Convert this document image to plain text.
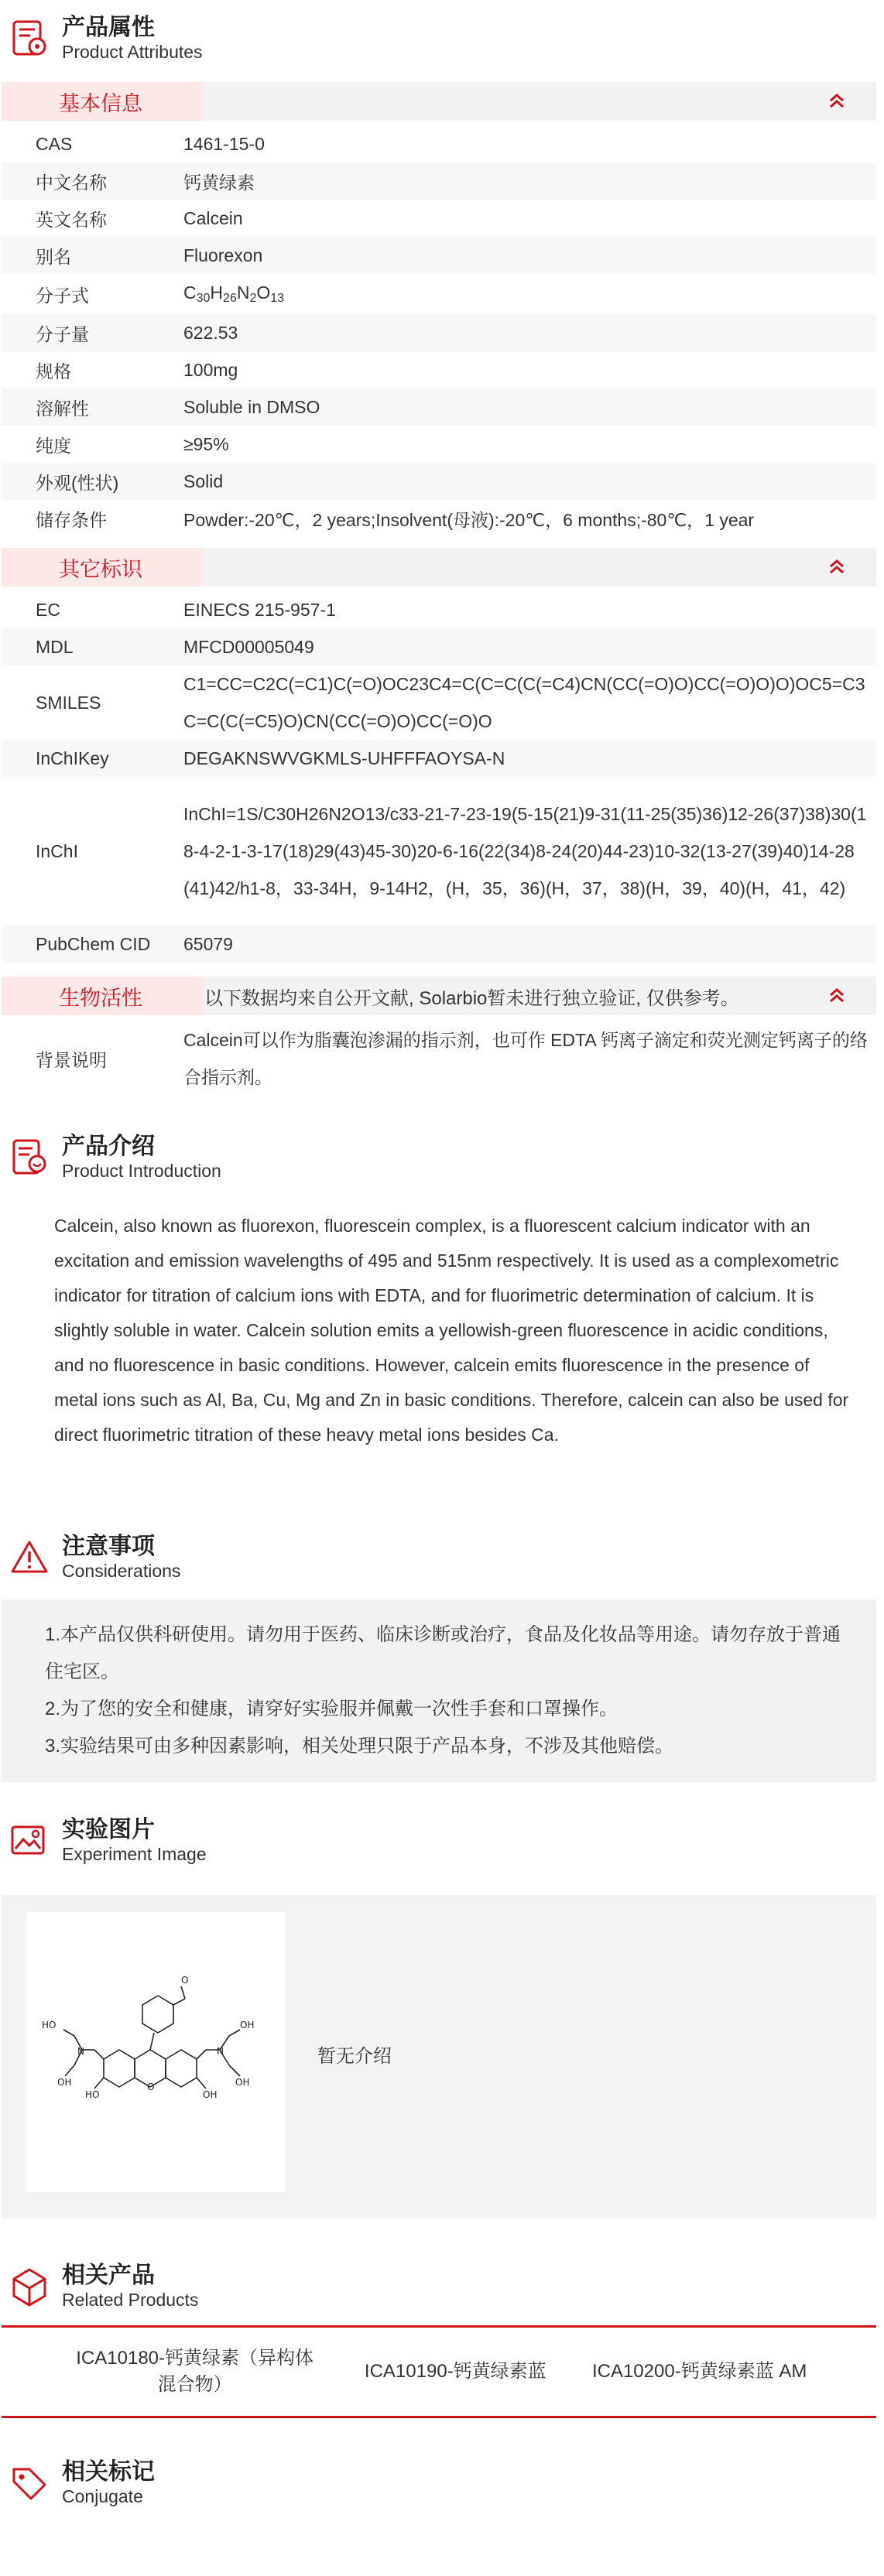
产品属性
Product Attributes
基本信息
CAS	1461-15-0
中文名称	钙黄绿素
英文名称	Calcein
别名	Fluorexon
分子式	$C_{30}H_{26}N_2O_{13}$
分子量	622.53
规格	100mg
溶解性	Soluble in DMSO
纯度	≥95%
外观(性状)	Solid
储存条件	Powder:-20℃，2 years;Insolvent(母液):-20℃，6 months;-80℃，1 year
其它标识
EC	EINECS 215-957-1
MDL	MFCD00005049
SMILES	C1=CC=C2C(=C1)C(=O)OC23C4=C(C=C(C(=C4)CN(CC(=O)O)CC(=O)O)O)OC5=C3C=C(C(=C5)O)CN(CC(=O)O)CC(=O)O
InChIKey	DEGAKNSWVGKMLS-UHFFFAOYSA-N
InChI	InChI=1S/C30H26N2O13/c33-21-7-23-19(5-15(21)9-31(11-25(35)36)12-26(37)38)30(18-4-2-1-3-17(18)29(43)45-30)20-6-16(22(34)8-24(20)44-23)10-32(13-27(39)40)14-28(41)42/h1-8，33-34H，9-14H2，(H，35，36)(H，37，38)(H，39，40)(H，41，42)
PubChem CID	65079
生物活性	以下数据均来自公开文献, Solarbio暂未进行独立验证, 仅供参考。
背景说明	Calcein可以作为脂囊泡渗漏的指示剂，也可作 EDTA 钙离子滴定和荧光测定钙离子的络合指示剂。
产品介绍
Product Introduction
Calcein, also known as fluorexon, fluorescein complex, is a fluorescent calcium indicator with an excitation and emission wavelengths of 495 and 515nm respectively. It is used as a complexometric indicator for titration of calcium ions with EDTA, and for fluorimetric determination of calcium. It is slightly soluble in water. Calcein solution emits a yellowish-green fluorescence in acidic conditions, and no fluorescence in basic conditions. However, calcein emits fluorescence in the presence of metal ions such as Al, Ba, Cu, Mg and Zn in basic conditions. Therefore, calcein can also be used for direct fluorimetric titration of these heavy metal ions besides Ca.
注意事项
Considerations
1.本产品仅供科研使用。请勿用于医药、临床诊断或治疗，食品及化妆品等用途。请勿存放于普通住宅区。
2.为了您的安全和健康，请穿好实验服并佩戴一次性手套和口罩操作。
3.实验结果可由多种因素影响，相关处理只限于产品本身，不涉及其他赔偿。
实验图片
Experiment Image
O
O
N	N
HO	OH
OH	OH
HO	OH
暂无介绍
相关产品
Related Products
ICA10180-钙黄绿素（异构体混合物）
ICA10190-钙黄绿素蓝 ICA10200-钙黄绿素蓝 AM
相关标记
Conjugate
